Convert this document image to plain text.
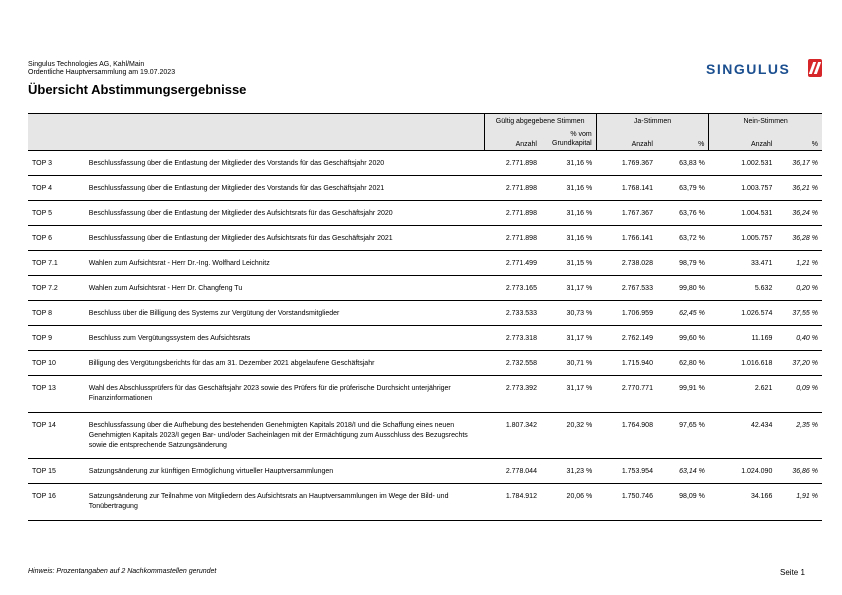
Singulus Technologies AG, Kahl/Main
Ordentliche Hauptversammlung am 19.07.2023
Übersicht Abstimmungsergebnisse
SINGULUS
		Gültig abgegebene Stimmen		Ja-Stimmen		Nein-Stimmen	
		Anzahl	% vom Grundkapital	Anzahl	%	Anzahl	%
TOP 3	Beschlussfassung über die Entlastung der Mitglieder des Vorstands für das Geschäftsjahr 2020	2.771.898	31,16 %	1.769.367	63,83 %	1.002.531	36,17 %
TOP 4	Beschlussfassung über die Entlastung der Mitglieder des Vorstands für das Geschäftsjahr 2021	2.771.898	31,16 %	1.768.141	63,79 %	1.003.757	36,21 %
TOP 5	Beschlussfassung über die Entlastung der Mitglieder des Aufsichtsrats für das Geschäftsjahr 2020	2.771.898	31,16 %	1.767.367	63,76 %	1.004.531	36,24 %
TOP 6	Beschlussfassung über die Entlastung der Mitglieder des Aufsichtsrats für das Geschäftsjahr 2021	2.771.898	31,16 %	1.766.141	63,72 %	1.005.757	36,28 %
TOP 7.1	Wahlen zum Aufsichtsrat - Herr Dr.-Ing. Wolfhard Leichnitz	2.771.499	31,15 %	2.738.028	98,79 %	33.471	1,21 %
TOP 7.2	Wahlen zum Aufsichtsrat - Herr Dr. Changfeng Tu	2.773.165	31,17 %	2.767.533	99,80 %	5.632	0,20 %
TOP 8	Beschluss über die Billigung des Systems zur Vergütung der Vorstandsmitglieder	2.733.533	30,73 %	1.706.959	62,45 %	1.026.574	37,55 %
TOP 9	Beschluss zum Vergütungssystem des Aufsichtsrats	2.773.318	31,17 %	2.762.149	99,60 %	11.169	0,40 %
TOP 10	Billigung des Vergütungsberichts für das am 31. Dezember 2021 abgelaufene Geschäftsjahr	2.732.558	30,71 %	1.715.940	62,80 %	1.016.618	37,20 %
TOP 13	Wahl des Abschlussprüfers für das Geschäftsjahr 2023 sowie des Prüfers für die prüferische Durchsicht unterjähriger Finanzinformationen	2.773.392	31,17 %	2.770.771	99,91 %	2.621	0,09 %
TOP 14	Beschlussfassung über die Aufhebung des bestehenden Genehmigten Kapitals 2018/I und die Schaffung eines neuen Genehmigten Kapitals 2023/I gegen Bar- und/oder Sacheinlagen mit der Ermächtigung zum Ausschluss des Bezugsrechts sowie die entsprechende Satzungsänderung	1.807.342	20,32 %	1.764.908	97,65 %	42.434	2,35 %
TOP 15	Satzungsänderung zur künftigen Ermöglichung virtueller Hauptversammlungen	2.778.044	31,23 %	1.753.954	63,14 %	1.024.090	36,86 %
TOP 16	Satzungsänderung zur Teilnahme von Mitgliedern des Aufsichtsrats an Hauptversammlungen im Wege der Bild- und Tonübertragung	1.784.912	20,06 %	1.750.746	98,09 %	34.166	1,91 %
Hinweis: Prozentangaben auf 2 Nachkommastellen gerundet	Seite 1
